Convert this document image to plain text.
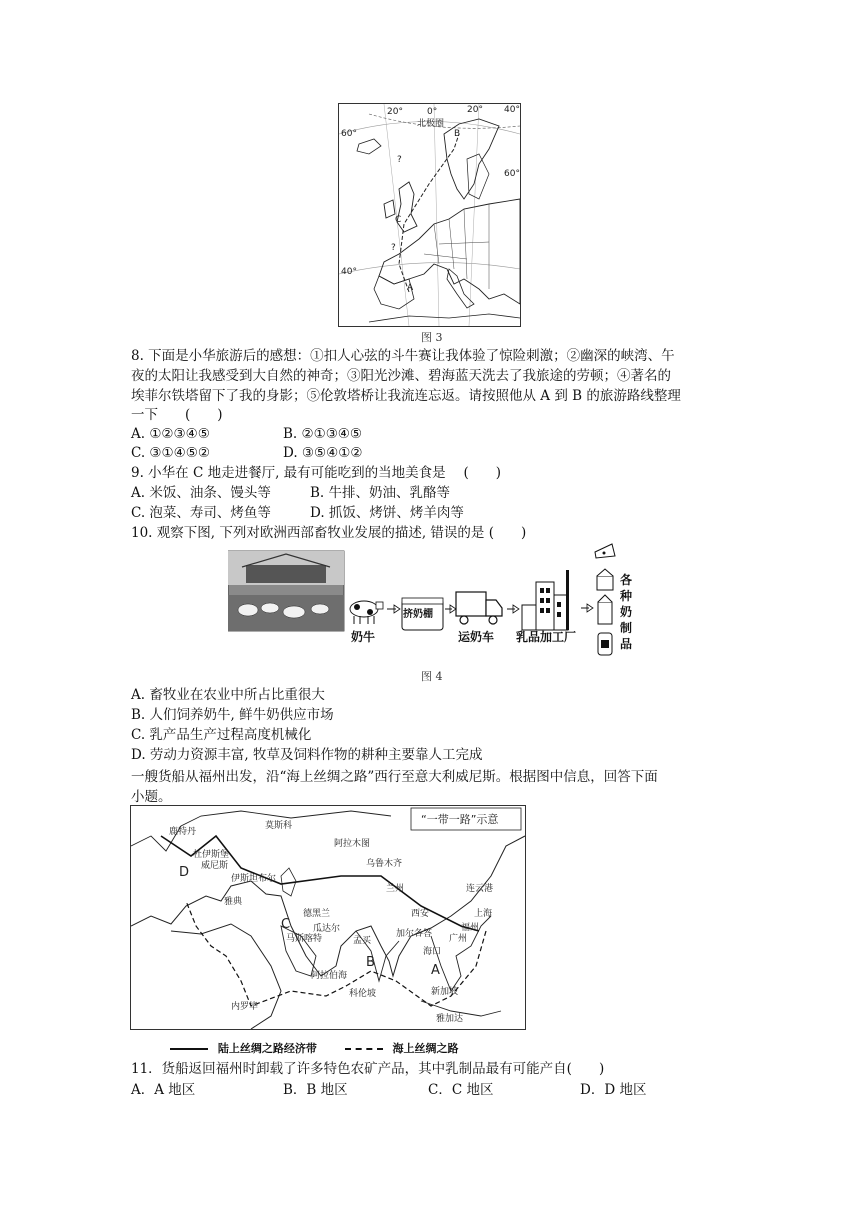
20°	0°	20° 40°
60°
60°
40°
北极圈
A
B
C
?
?
图 3
8. 下面是小华旅游后的感想：①扣人心弦的斗牛赛让我体验了惊险刺激；②幽深的峡湾、午
夜的太阳让我感受到大自然的神奇；③阳光沙滩、碧海蓝天洗去了我旅途的劳顿；④著名的
埃菲尔铁塔留下了我的身影；⑤伦敦塔桥让我流连忘返。请按照他从 A 到 B 的旅游路线整理
一下　　(　　)
A. ①②③④⑤	B. ②①③④⑤
C. ③①④⑤②	D. ③⑤④①②
9. 小华在 C 地走进餐厅, 最有可能吃到的当地美食是　 (　　)
A. 米饭、油条、馒头等	B. 牛排、奶油、乳酪等
C. 泡菜、寿司、烤鱼等	D. 抓饭、烤饼、烤羊肉等
10. 观察下图, 下列对欧洲西部畜牧业发展的描述, 错误的是 (　　)
奶牛
挤奶棚
运奶车 乳品加工厂
各
种
奶
制
品
图 4
A. 畜牧业在农业中所占比重很大
B. 人们饲养奶牛, 鲜牛奶供应市场
C. 乳产品生产过程高度机械化
D. 劳动力资源丰富, 牧草及饲料作物的耕种主要靠人工完成
一艘货船从福州出发，沿“海上丝绸之路”西行至意大利威尼斯。根据图中信息，回答下面
小题。
“一带一路”示意
鹿特丹
莫斯科
杜伊斯堡
威尼斯
伊斯坦布尔
雅典
阿拉木图
乌鲁木齐
兰州
西安
连云港
上海
福州
广州
海口
德黑兰
瓜达尔
马斯喀特	孟买
加尔各答
阿拉伯海
科伦坡	新加坡
雅加达
内罗毕
A
B
C
D
陆上丝绸之路经济带	海上丝绸之路
11．货船返回福州时卸载了许多特色农矿产品，其中乳制品最有可能产自(　　)
A．A 地区	B．B 地区	C．C 地区	D．D 地区
